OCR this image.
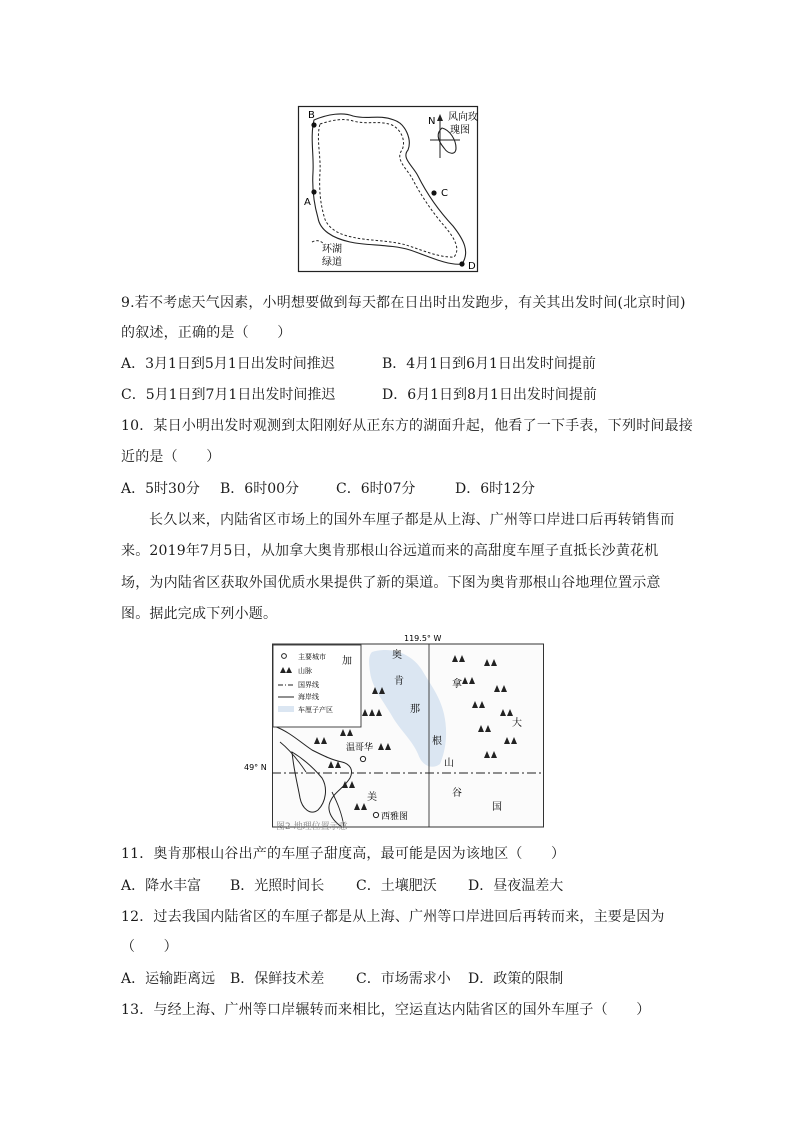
B
A
C
D
N 风向玫
瑰图
环湖
绿道
9.若不考虑天气因素，小明想要做到每天都在日出时出发跑步，有关其出发时间(北京时间)
的叙述，正确的是（　　）
A．3月1日到5月1日出发时间推迟	B．4月1日到6月1日出发时间提前
C．5月1日到7月1日出发时间推迟	D．6月1日到8月1日出发时间提前
10．某日小明出发时观测到太阳刚好从正东方的湖面升起，他看了一下手表，下列时间最接
近的是（　　）
A．5时30分 B．6时00分	C．6时07分	D．6时12分
长久以来，内陆省区市场上的国外车厘子都是从上海、广州等口岸进口后再转销售而
来。2019年7月5日，从加拿大奥肯那根山谷远道而来的高甜度车厘子直抵长沙黄花机
场，为内陆省区获取外国优质水果提供了新的渠道。下图为奥肯那根山谷地理位置示意
图。据此完成下列小题。
主要城市
山脉
国界线
海岸线
车厘子产区
119.5° W
49° N
温哥华
西雅图
加
奥
肯
那
根
山
谷
拿
大
美
国
图2 地理位置示意
11．奥肯那根山谷出产的车厘子甜度高，最可能是因为该地区（　　）
A．降水丰富 B．光照时间长 C．土壤肥沃 D．昼夜温差大
12．过去我国内陆省区的车厘子都是从上海、广州等口岸进回后再转而来，主要是因为
（　　）
A．运输距离远 B．保鲜技术差 C．市场需求小 D．政策的限制
13．与经上海、广州等口岸辗转而来相比，空运直达内陆省区的国外车厘子（　　）
